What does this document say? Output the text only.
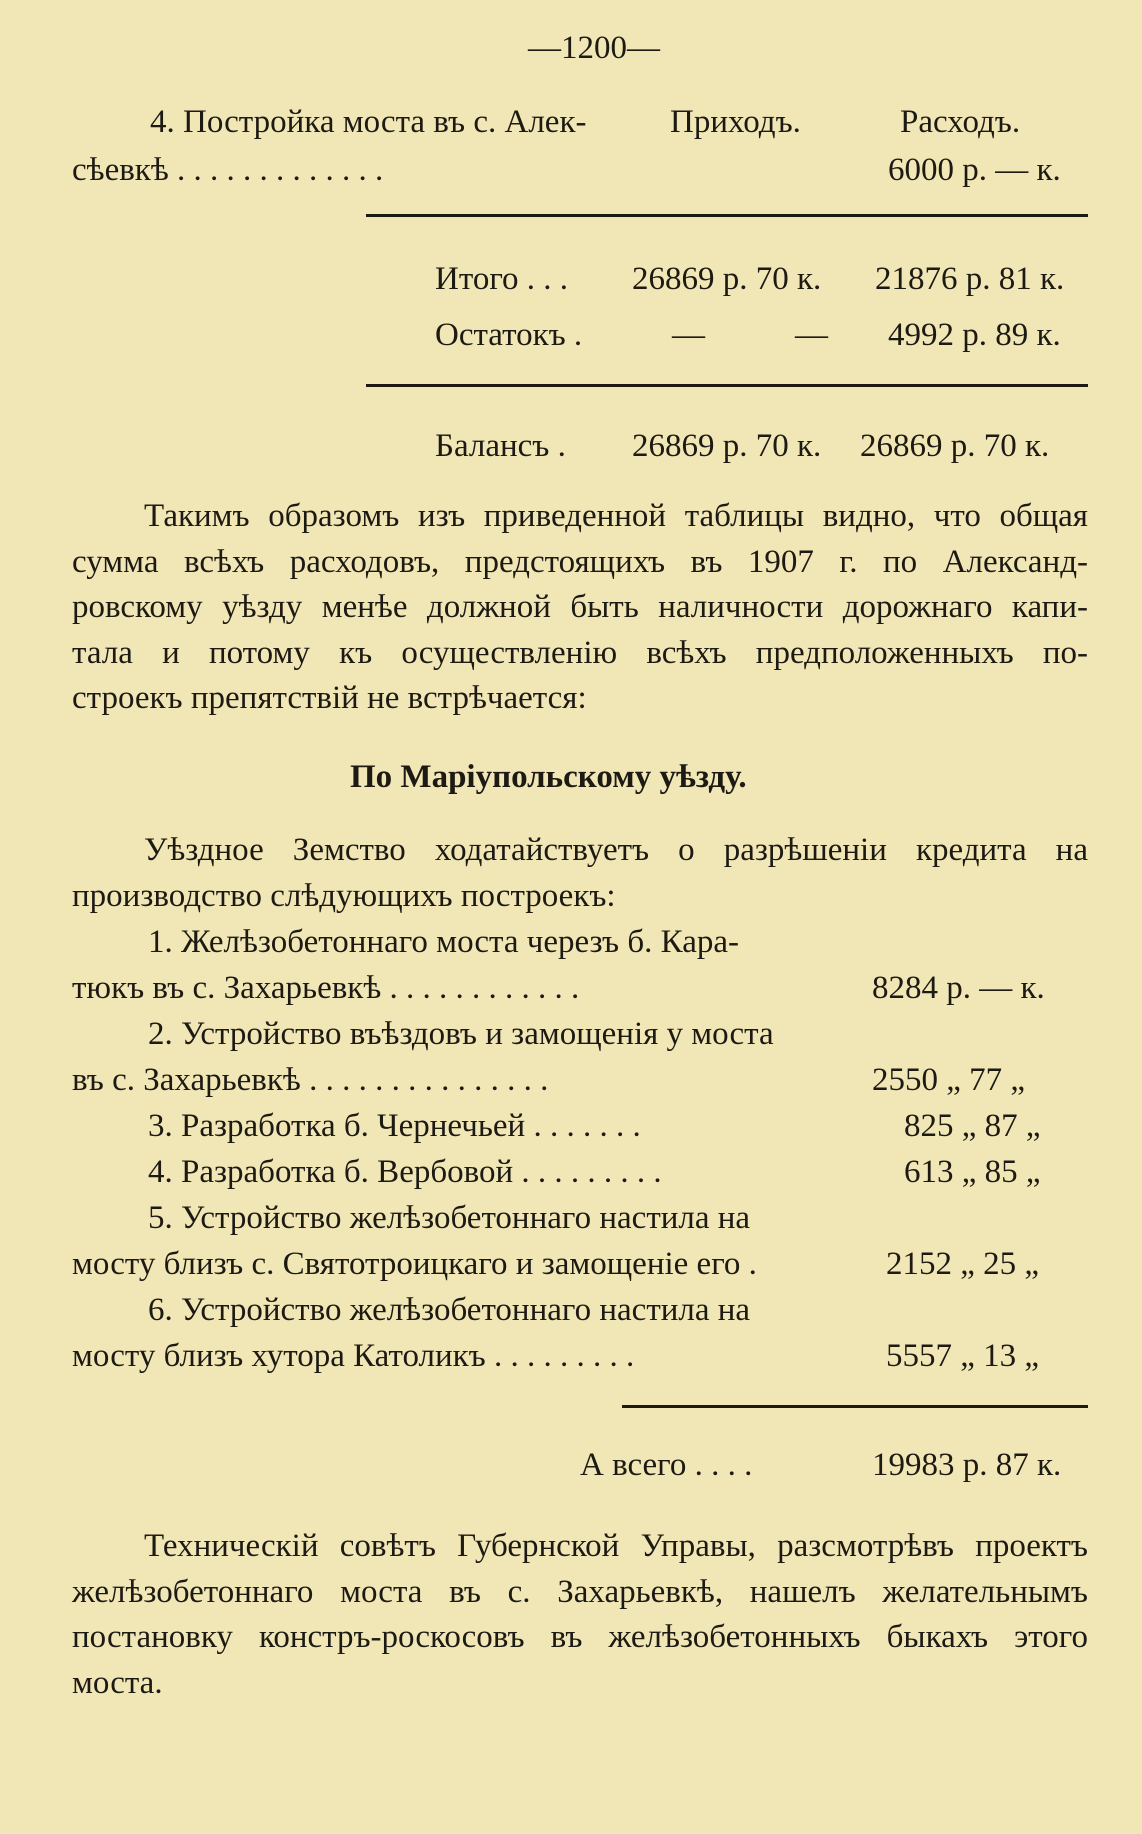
—1200—
4. Постройка моста въ с. Алек-	Приходъ.	Расходъ.
сѣевкѣ . . . . . . . . . . . . .	6000 р. — к.
Итого . . . 26869 р. 70 к. 21876 р. 81 к.
Остатокъ .	—	— 4992 р. 89 к.
Балансъ . 26869 р. 70 к. 26869 р. 70 к.
Такимъ образомъ изъ приведенной таблицы видно, что общая
сумма всѣхъ расходовъ, предстоящихъ въ 1907 г. по Александ-
ровскому уѣзду менѣе должной быть наличности дорожнаго капи-
тала и потому къ осуществленію всѣхъ предположенныхъ по-
строекъ препятствій не встрѣчается:
По Маріупольскому уѣзду.
Уѣздное Земство ходатайствуетъ о разрѣшеніи кредита на
производство слѣдующихъ построекъ:
1. Желѣзобетоннаго моста черезъ б. Кара-
тюкъ въ с. Захарьевкѣ . . . . . . . . . . . .	8284 р. — к.
2. Устройство въѣздовъ и замощенія у моста
въ с. Захарьевкѣ . . . . . . . . . . . . . . .	2550 „ 77 „
3. Разработка б. Чернечьей . . . . . . .	825 „ 87 „
4. Разработка б. Вербовой . . . . . . . . .	613 „ 85 „
5. Устройство желѣзобетоннаго настила на
мосту близъ с. Святотроицкаго и замощеніе его .	2152 „ 25 „
6. Устройство желѣзобетоннаго настила на
мосту близъ хутора Католикъ . . . . . . . . .	5557 „ 13 „
А всего . . . .	19983 р. 87 к.
Техническій совѣтъ Губернской Управы, разсмотрѣвъ проектъ
желѣзобетоннаго моста въ с. Захарьевкѣ, нашелъ желательнымъ
постановку констръ-роскосовъ въ желѣзобетонныхъ быкахъ этого
моста.
